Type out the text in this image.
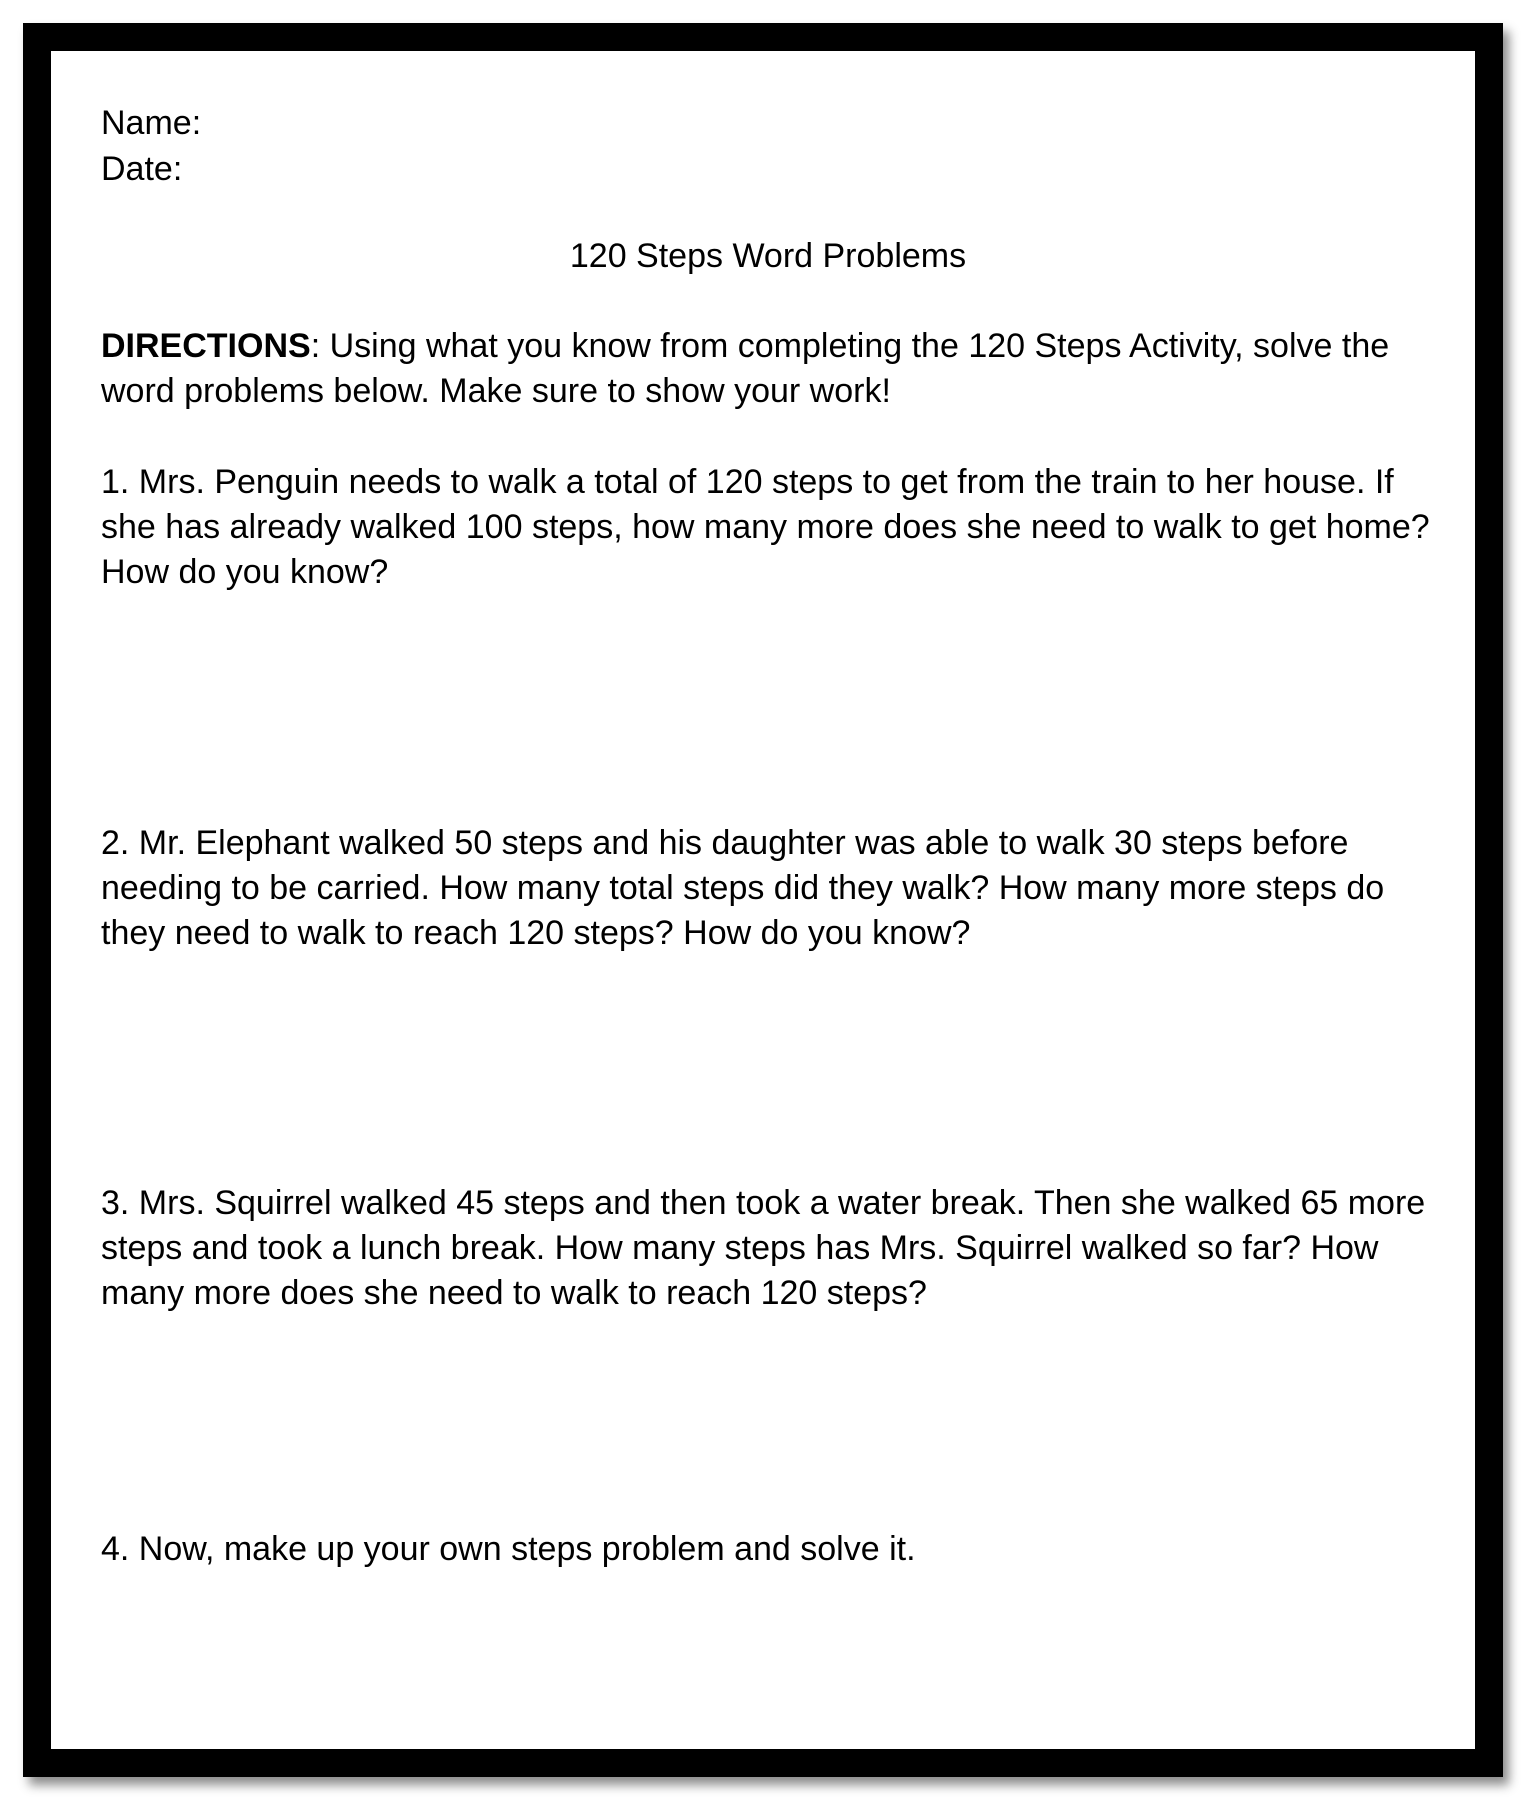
Name:
Date:
120 Steps Word Problems
DIRECTIONS: Using what you know from completing the 120 Steps Activity, solve the word problems below. Make sure to show your work!
1. Mrs. Penguin needs to walk a total of 120 steps to get from the train to her house. If she has already walked 100 steps, how many more does she need to walk to get home? How do you know?
2. Mr. Elephant walked 50 steps and his daughter was able to walk 30 steps before needing to be carried. How many total steps did they walk? How many more steps do they need to walk to reach 120 steps? How do you know?
3. Mrs. Squirrel walked 45 steps and then took a water break. Then she walked 65 more steps and took a lunch break. How many steps has Mrs. Squirrel walked so far? How many more does she need to walk to reach 120 steps?
4. Now, make up your own steps problem and solve it.
